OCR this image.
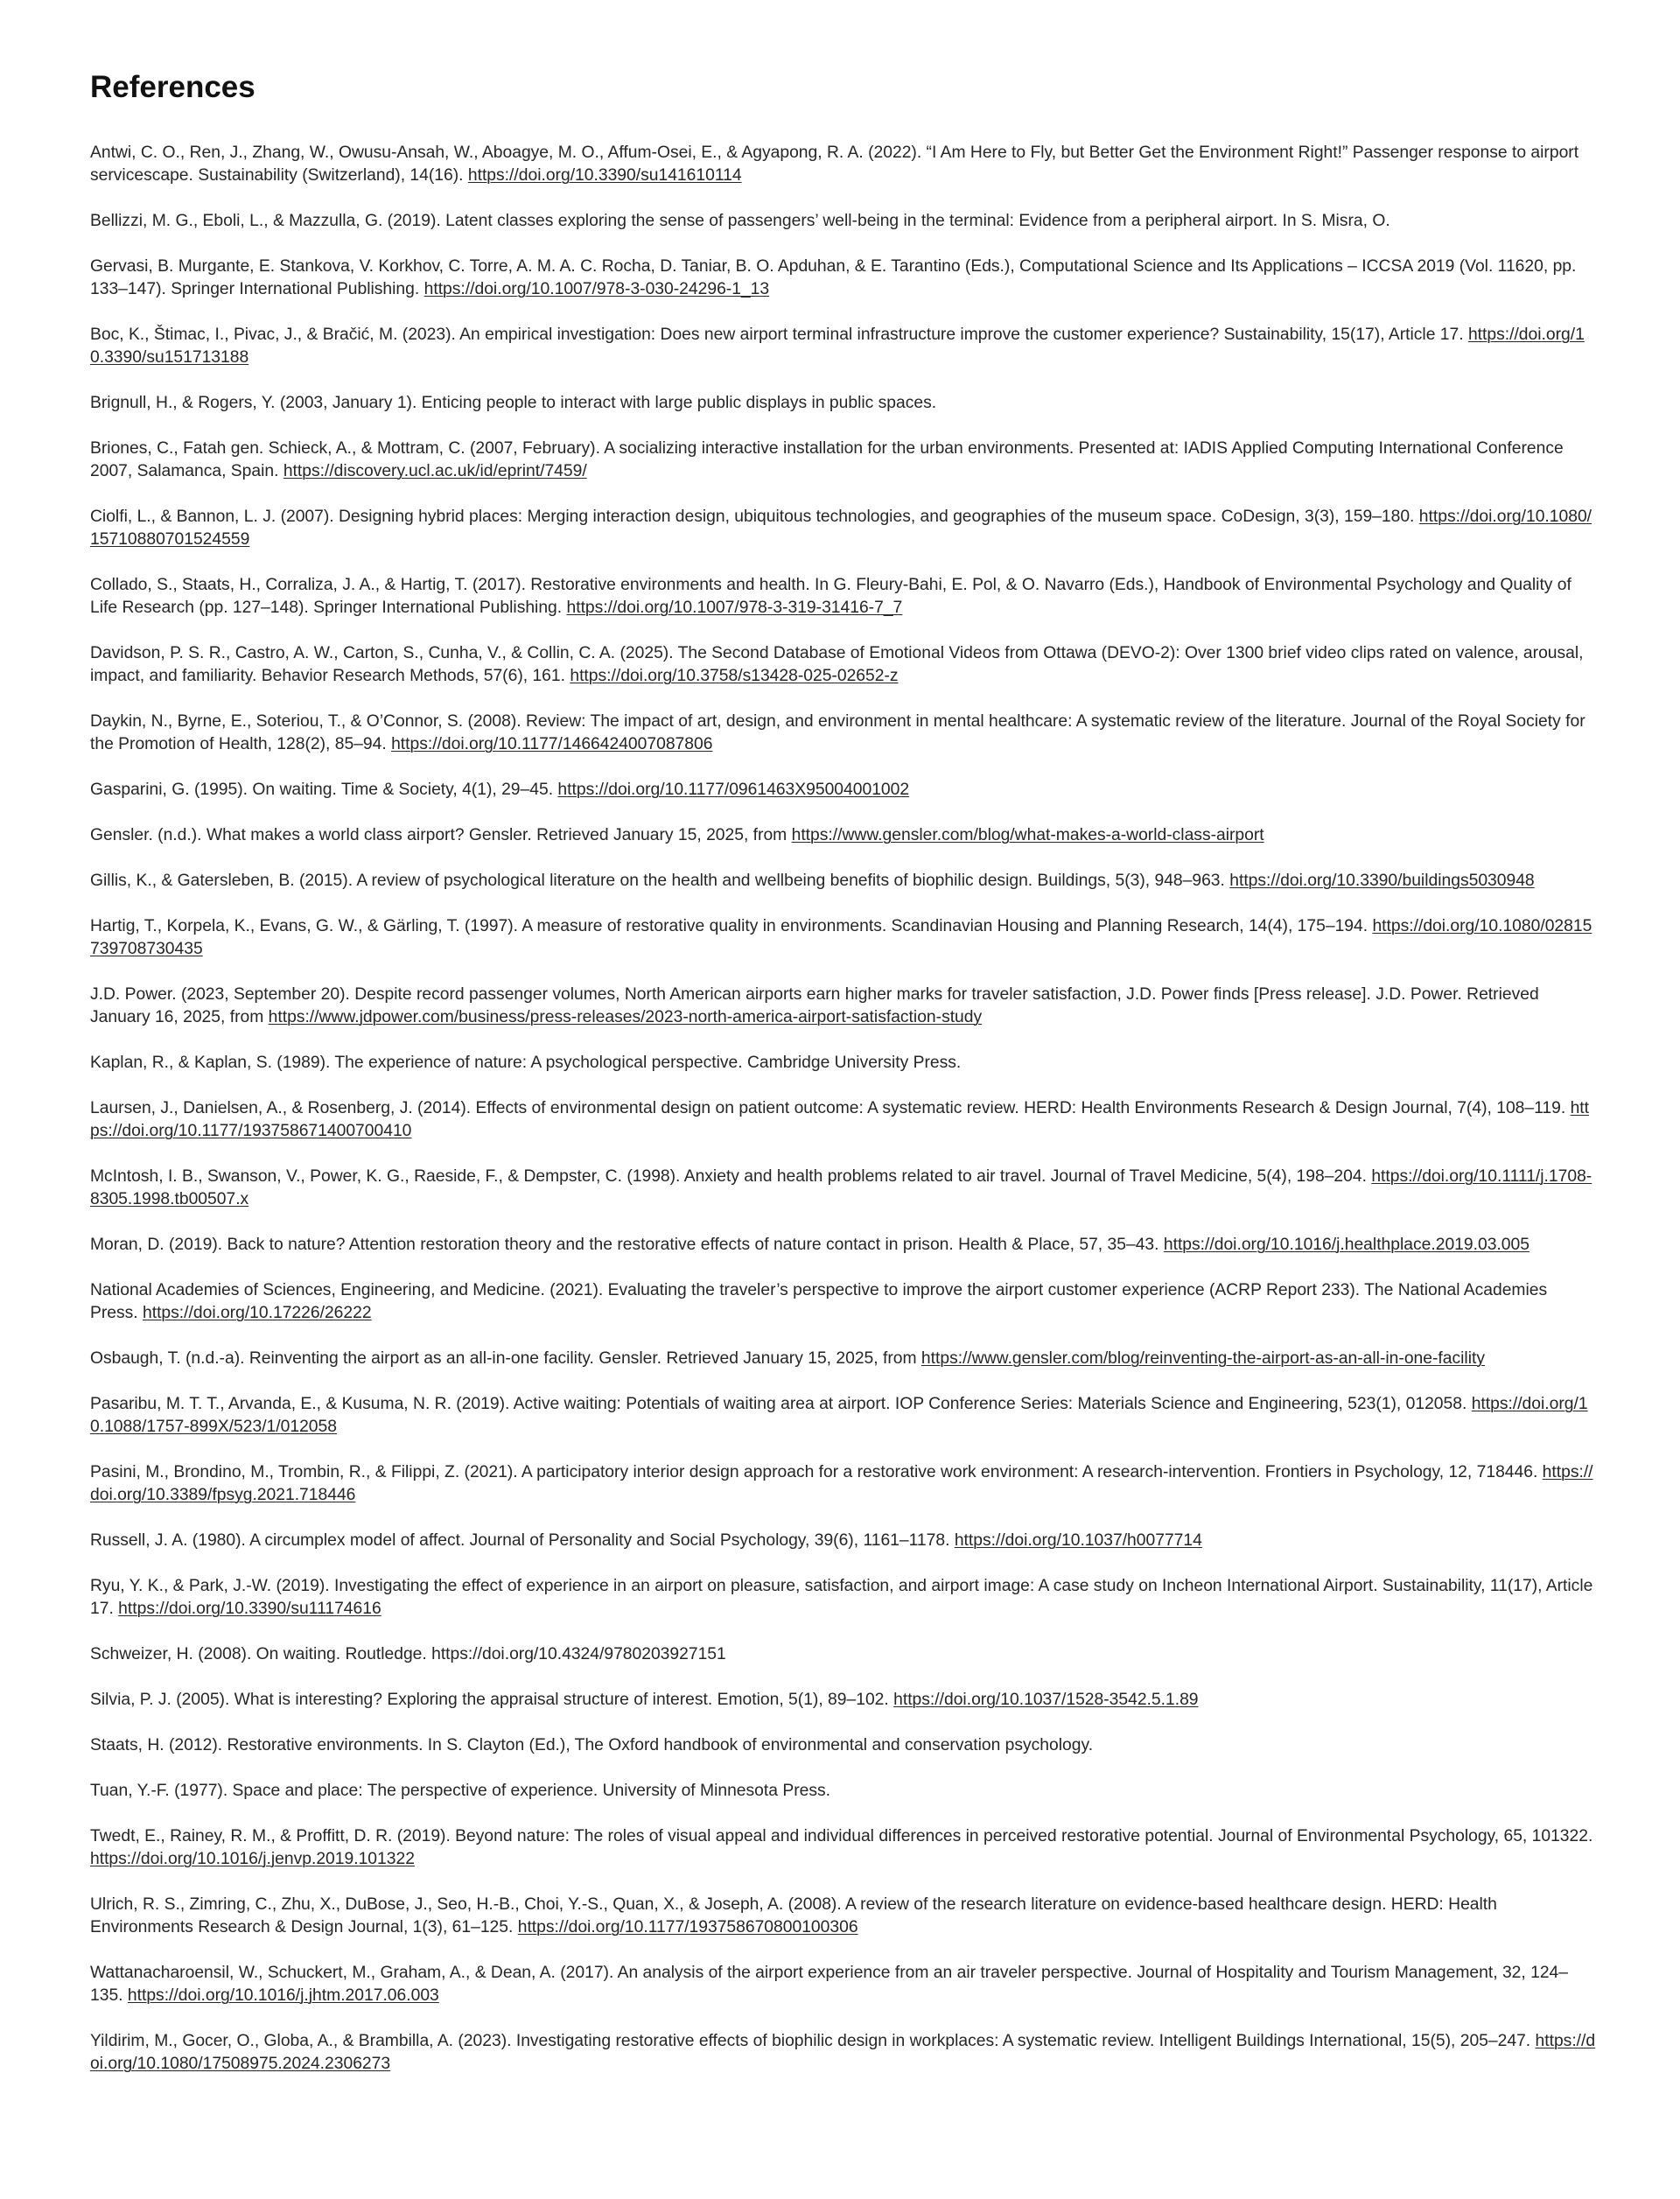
References
Antwi, C. O., Ren, J., Zhang, W., Owusu-Ansah, W., Aboagye, M. O., Affum-Osei, E., & Agyapong, R. A. (2022). “I Am Here to Fly, but Better Get the Environment Right!” Passenger response to airport servicescape. Sustainability (Switzerland), 14(16). https://doi.org/10.3390/su141610114
Bellizzi, M. G., Eboli, L., & Mazzulla, G. (2019). Latent classes exploring the sense of passengers’ well-being in the terminal: Evidence from a peripheral airport. In S. Misra, O.
Gervasi, B. Murgante, E. Stankova, V. Korkhov, C. Torre, A. M. A. C. Rocha, D. Taniar, B. O. Apduhan, & E. Tarantino (Eds.), Computational Science and Its Applications – ICCSA 2019 (Vol. 11620, pp. 133–147). Springer International Publishing. https://doi.org/10.1007/978-3-030-24296-1_13
Boc, K., Štimac, I., Pivac, J., & Bračić, M. (2023). An empirical investigation: Does new airport terminal infrastructure improve the customer experience? Sustainability, 15(17), Article 17. https://doi.org/10.3390/su151713188
Brignull, H., & Rogers, Y. (2003, January 1). Enticing people to interact with large public displays in public spaces.
Briones, C., Fatah gen. Schieck, A., & Mottram, C. (2007, February). A socializing interactive installation for the urban environments. Presented at: IADIS Applied Computing International Conference 2007, Salamanca, Spain. https://discovery.ucl.ac.uk/id/eprint/7459/
Ciolfi, L., & Bannon, L. J. (2007). Designing hybrid places: Merging interaction design, ubiquitous technologies, and geographies of the museum space. CoDesign, 3(3), 159–180. https://doi.org/10.1080/15710880701524559
Collado, S., Staats, H., Corraliza, J. A., & Hartig, T. (2017). Restorative environments and health. In G. Fleury-Bahi, E. Pol, & O. Navarro (Eds.), Handbook of Environmental Psychology and Quality of Life Research (pp. 127–148). Springer International Publishing. https://doi.org/10.1007/978-3-319-31416-7_7
Davidson, P. S. R., Castro, A. W., Carton, S., Cunha, V., & Collin, C. A. (2025). The Second Database of Emotional Videos from Ottawa (DEVO-2): Over 1300 brief video clips rated on valence, arousal, impact, and familiarity. Behavior Research Methods, 57(6), 161. https://doi.org/10.3758/s13428-025-02652-z
Daykin, N., Byrne, E., Soteriou, T., & O’Connor, S. (2008). Review: The impact of art, design, and environment in mental healthcare: A systematic review of the literature. Journal of the Royal Society for the Promotion of Health, 128(2), 85–94. https://doi.org/10.1177/1466424007087806
Gasparini, G. (1995). On waiting. Time & Society, 4(1), 29–45. https://doi.org/10.1177/0961463X95004001002
Gensler. (n.d.). What makes a world class airport? Gensler. Retrieved January 15, 2025, from https://www.gensler.com/blog/what-makes-a-world-class-airport
Gillis, K., & Gatersleben, B. (2015). A review of psychological literature on the health and wellbeing benefits of biophilic design. Buildings, 5(3), 948–963. https://doi.org/10.3390/buildings5030948
Hartig, T., Korpela, K., Evans, G. W., & Gärling, T. (1997). A measure of restorative quality in environments. Scandinavian Housing and Planning Research, 14(4), 175–194. https://doi.org/10.1080/02815739708730435
J.D. Power. (2023, September 20). Despite record passenger volumes, North American airports earn higher marks for traveler satisfaction, J.D. Power finds [Press release]. J.D. Power. Retrieved January 16, 2025, from https://www.jdpower.com/business/press-releases/2023-north-america-airport-satisfaction-study
Kaplan, R., & Kaplan, S. (1989). The experience of nature: A psychological perspective. Cambridge University Press.
Laursen, J., Danielsen, A., & Rosenberg, J. (2014). Effects of environmental design on patient outcome: A systematic review. HERD: Health Environments Research & Design Journal, 7(4), 108–119. https://doi.org/10.1177/193758671400700410
McIntosh, I. B., Swanson, V., Power, K. G., Raeside, F., & Dempster, C. (1998). Anxiety and health problems related to air travel. Journal of Travel Medicine, 5(4), 198–204. https://doi.org/10.1111/j.1708-8305.1998.tb00507.x
Moran, D. (2019). Back to nature? Attention restoration theory and the restorative effects of nature contact in prison. Health & Place, 57, 35–43. https://doi.org/10.1016/j.healthplace.2019.03.005
National Academies of Sciences, Engineering, and Medicine. (2021). Evaluating the traveler’s perspective to improve the airport customer experience (ACRP Report 233). The National Academies Press. https://doi.org/10.17226/26222
Osbaugh, T. (n.d.-a). Reinventing the airport as an all-in-one facility. Gensler. Retrieved January 15, 2025, from https://www.gensler.com/blog/reinventing-the-airport-as-an-all-in-one-facility
Pasaribu, M. T. T., Arvanda, E., & Kusuma, N. R. (2019). Active waiting: Potentials of waiting area at airport. IOP Conference Series: Materials Science and Engineering, 523(1), 012058. https://doi.org/10.1088/1757-899X/523/1/012058
Pasini, M., Brondino, M., Trombin, R., & Filippi, Z. (2021). A participatory interior design approach for a restorative work environment: A research-intervention. Frontiers in Psychology, 12, 718446. https://doi.org/10.3389/fpsyg.2021.718446
Russell, J. A. (1980). A circumplex model of affect. Journal of Personality and Social Psychology, 39(6), 1161–1178. https://doi.org/10.1037/h0077714
Ryu, Y. K., & Park, J.-W. (2019). Investigating the effect of experience in an airport on pleasure, satisfaction, and airport image: A case study on Incheon International Airport. Sustainability, 11(17), Article 17. https://doi.org/10.3390/su11174616
Schweizer, H. (2008). On waiting. Routledge. https://doi.org/10.4324/9780203927151
Silvia, P. J. (2005). What is interesting? Exploring the appraisal structure of interest. Emotion, 5(1), 89–102. https://doi.org/10.1037/1528-3542.5.1.89
Staats, H. (2012). Restorative environments. In S. Clayton (Ed.), The Oxford handbook of environmental and conservation psychology.
Tuan, Y.-F. (1977). Space and place: The perspective of experience. University of Minnesota Press.
Twedt, E., Rainey, R. M., & Proffitt, D. R. (2019). Beyond nature: The roles of visual appeal and individual differences in perceived restorative potential. Journal of Environmental Psychology, 65, 101322. https://doi.org/10.1016/j.jenvp.2019.101322
Ulrich, R. S., Zimring, C., Zhu, X., DuBose, J., Seo, H.-B., Choi, Y.-S., Quan, X., & Joseph, A. (2008). A review of the research literature on evidence-based healthcare design. HERD: Health Environments Research & Design Journal, 1(3), 61–125. https://doi.org/10.1177/193758670800100306
Wattanacharoensil, W., Schuckert, M., Graham, A., & Dean, A. (2017). An analysis of the airport experience from an air traveler perspective. Journal of Hospitality and Tourism Management, 32, 124–135. https://doi.org/10.1016/j.jhtm.2017.06.003
Yildirim, M., Gocer, O., Globa, A., & Brambilla, A. (2023). Investigating restorative effects of biophilic design in workplaces: A systematic review. Intelligent Buildings International, 15(5), 205–247. https://doi.org/10.1080/17508975.2024.2306273
